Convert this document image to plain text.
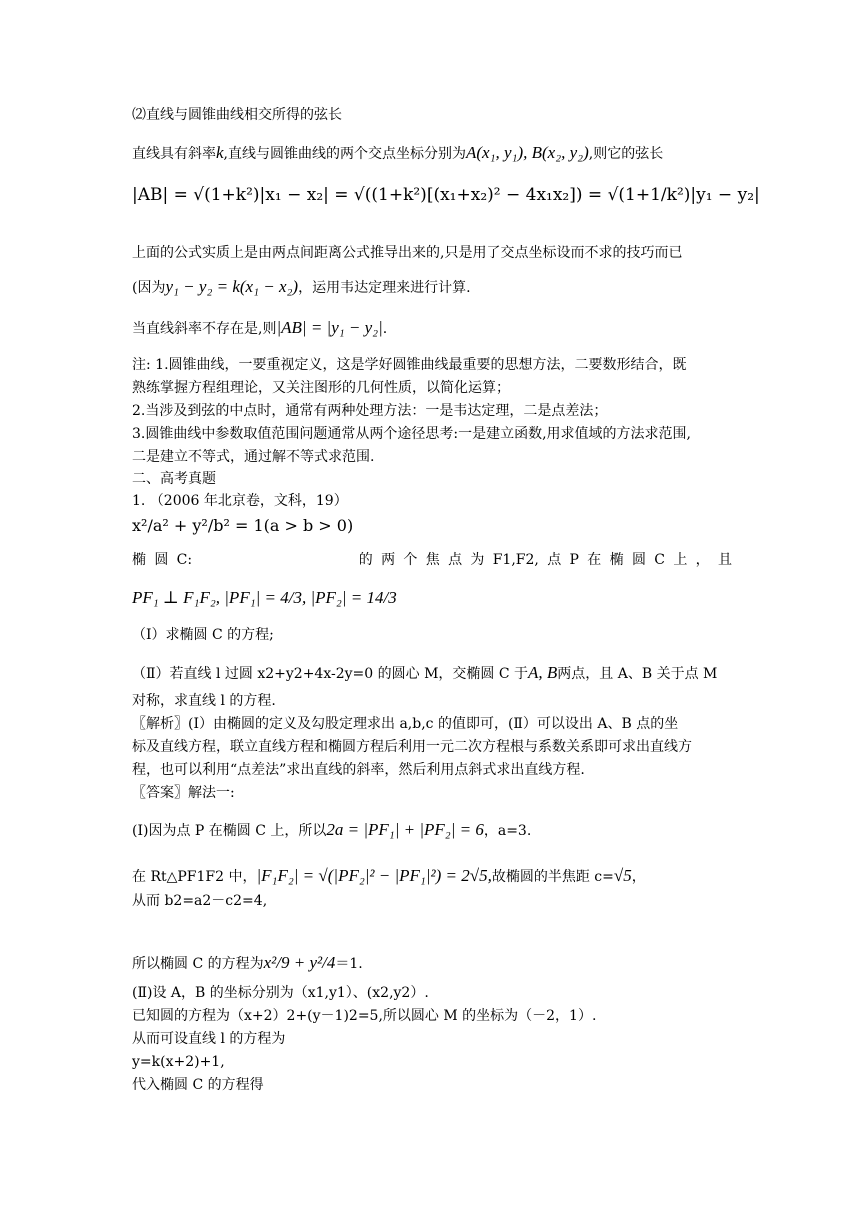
⑵直线与圆锥曲线相交所得的弦长
直线具有斜率k,直线与圆锥曲线的两个交点坐标分别为A(x₁, y₁), B(x₂, y₂),则它的弦长
|AB| = √(1+k²)|x₁ − x₂| = √((1+k²)[(x₁+x₂)² − 4x₁x₂]) = √(1+1/k²)|y₁ − y₂|
上面的公式实质上是由两点间距离公式推导出来的,只是用了交点坐标设而不求的技巧而已
(因为y₁ − y₂ = k(x₁ − x₂)，运用韦达定理来进行计算.
当直线斜率不存在是,则|AB| = |y₁ − y₂|.
注: 1.圆锥曲线，一要重视定义，这是学好圆锥曲线最重要的思想方法，二要数形结合，既
熟练掌握方程组理论，又关注图形的几何性质，以简化运算；
2.当涉及到弦的中点时，通常有两种处理方法：一是韦达定理，二是点差法；
3.圆锥曲线中参数取值范围问题通常从两个途径思考:一是建立函数,用求值域的方法求范围,
二是建立不等式，通过解不等式求范围.
二、高考真题
1. （2006 年北京卷，文科，19）
x²/a² + y²/b² = 1(a > b > 0)
椭 圆 C:	的 两 个 焦 点 为 F1,F2, 点 P 在 椭 圆 C 上 ， 且
PF₁ ⊥ F₁F₂, |PF₁| = 4/3, |PF₂| = 14/3
（Ⅰ）求椭圆 C 的方程;
（Ⅱ）若直线 l 过圆 x2+y2+4x-2y=0 的圆心 M，交椭圆 C 于A, B两点，且 A、B 关于点 M
对称，求直线 l 的方程.
〖解析〗(Ⅰ）由椭圆的定义及勾股定理求出 a,b,c 的值即可，(Ⅱ）可以设出 A、B 点的坐
标及直线方程，联立直线方程和椭圆方程后利用一元二次方程根与系数关系即可求出直线方
程，也可以利用“点差法”求出直线的斜率，然后利用点斜式求出直线方程.
〖答案〗解法一:
(Ⅰ)因为点 P 在椭圆 C 上，所以2a = |PF₁| + |PF₂| = 6，a=3.
在 Rt△PF1F2 中，|F₁F₂| = √(|PF₂|² − |PF₁|²) = 2√5,故椭圆的半焦距 c=√5，
从而 b2=a2－c2=4,
所以椭圆 C 的方程为x²/9 + y²/4＝1.
(Ⅱ)设 A，B 的坐标分别为（x1,y1）、(x2,y2）.
已知圆的方程为（x+2）2+(y－1)2=5,所以圆心 M 的坐标为（－2，1）.
从而可设直线 l 的方程为
y=k(x+2)+1,
代入椭圆 C 的方程得
